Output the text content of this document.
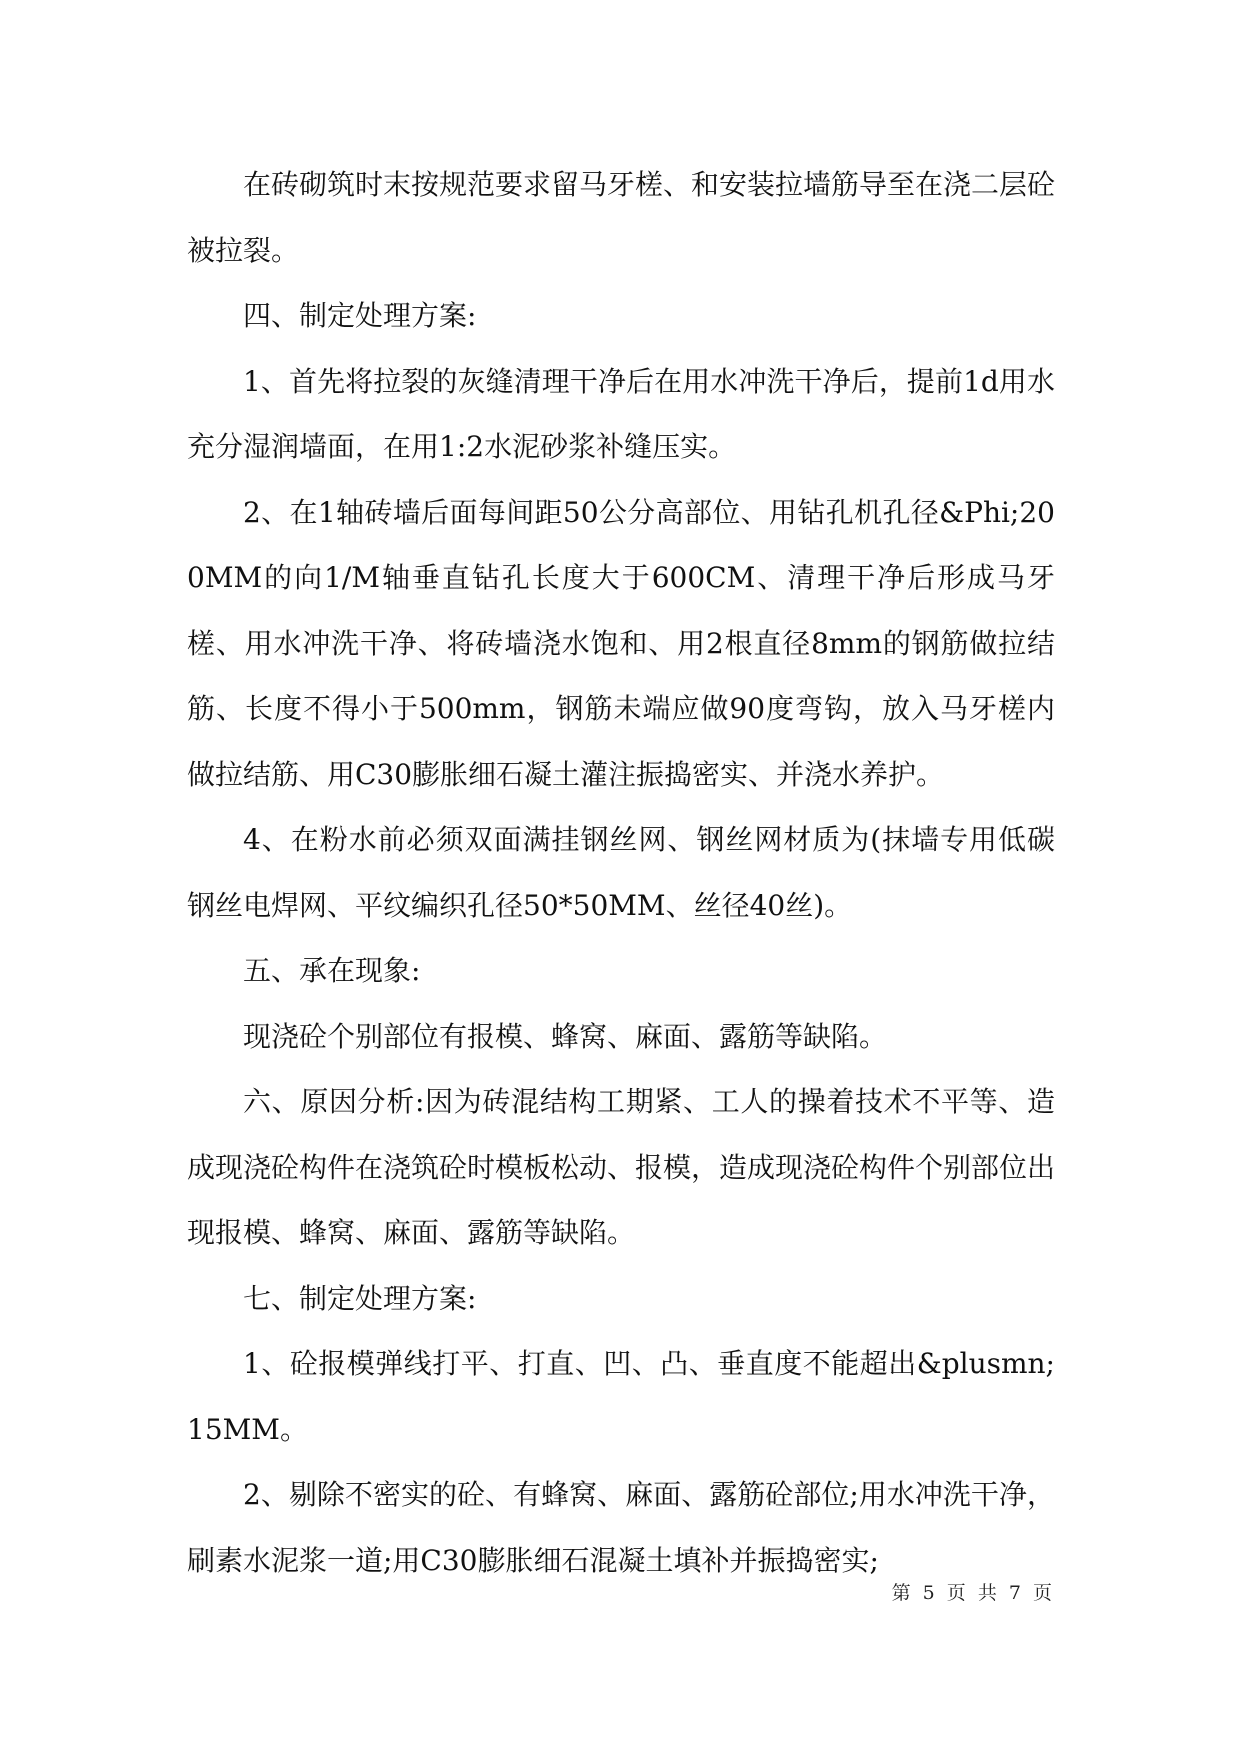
在砖砌筑时末按规范要求留马牙槎、和安装拉墙筋导至在浇二层砼被拉裂。

四、制定处理方案:

1、首先将拉裂的灰缝清理干净后在用水冲洗干净后，提前1d用水充分湿润墙面，在用1:2水泥砂浆补缝压实。

2、在1轴砖墙后面每间距50公分高部位、用钻孔机孔径&Phi;200MM的向1/M轴垂直钻孔长度大于600CM、清理干净后形成马牙槎、用水冲洗干净、将砖墙浇水饱和、用2根直径8mm的钢筋做拉结筋、长度不得小于500mm，钢筋未端应做90度弯钩，放入马牙槎内做拉结筋、用C30膨胀细石凝土灌注振捣密实、并浇水养护。

4、在粉水前必须双面满挂钢丝网、钢丝网材质为(抹墙专用低碳钢丝电焊网、平纹编织孔径50*50MM、丝径40丝)。

五、承在现象:

现浇砼个别部位有报模、蜂窝、麻面、露筋等缺陷。

六、原因分析:因为砖混结构工期紧、工人的操着技术不平等、造成现浇砼构件在浇筑砼时模板松动、报模，造成现浇砼构件个别部位出现报模、蜂窝、麻面、露筋等缺陷。

七、制定处理方案:

1、砼报模弹线打平、打直、凹、凸、垂直度不能超出&plusmn;15MM。

2、剔除不密实的砼、有蜂窝、麻面、露筋砼部位;用水冲洗干净，刷素水泥浆一道;用C30膨胀细石混凝土填补并振捣密实;

第 5 页 共 7 页
